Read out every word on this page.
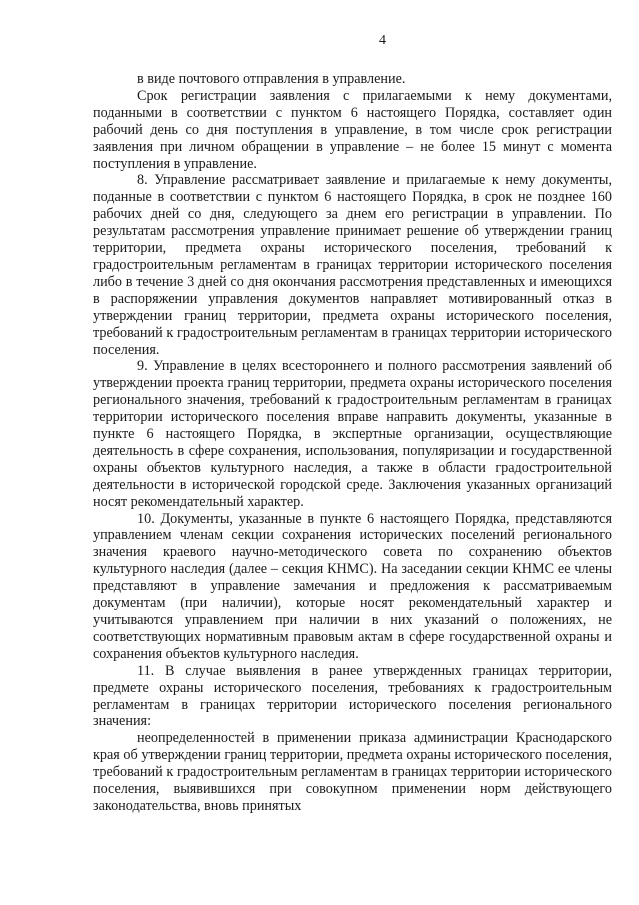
4

в виде почтового отправления в управление.

Срок регистрации заявления с прилагаемыми к нему документами, поданными в соответствии с пунктом 6 настоящего Порядка, составляет один рабочий день со дня поступления в управление, в том числе срок регистрации заявления при личном обращении в управление – не более 15 минут с момента поступления в управление.

8. Управление рассматривает заявление и прилагаемые к нему документы, поданные в соответствии с пунктом 6 настоящего Порядка, в срок не позднее 160 рабочих дней со дня, следующего за днем его регистрации в управлении. По результатам рассмотрения управление принимает решение об утверждении границ территории, предмета охраны исторического поселения, требований к градостроительным регламентам в границах территории исторического поселения либо в течение 3 дней со дня окончания рассмотрения представленных и имеющихся в распоряжении управления документов направляет мотивированный отказ в утверждении границ территории, предмета охраны исторического поселения, требований к градостроительным регламентам в границах территории исторического поселения.

9. Управление в целях всестороннего и полного рассмотрения заявлений об утверждении проекта границ территории, предмета охраны исторического поселения регионального значения, требований к градостроительным регламентам в границах территории исторического поселения вправе направить документы, указанные в пункте 6 настоящего Порядка, в экспертные организации, осуществляющие деятельность в сфере сохранения, использования, популяризации и государственной охраны объектов культурного наследия, а также в области градостроительной деятельности в исторической городской среде. Заключения указанных организаций носят рекомендательный характер.

10. Документы, указанные в пункте 6 настоящего Порядка, представляются управлением членам секции сохранения исторических поселений регионального значения краевого научно-методического совета по сохранению объектов культурного наследия (далее – секция КНМС). На заседании секции КНМС ее члены представляют в управление замечания и предложения к рассматриваемым документам (при наличии), которые носят рекомендательный характер и учитываются управлением при наличии в них указаний о положениях, не соответствующих нормативным правовым актам в сфере государственной охраны и сохранения объектов культурного наследия.

11. В случае выявления в ранее утвержденных границах территории, предмете охраны исторического поселения, требованиях к градостроительным регламентам в границах территории исторического поселения регионального значения:

неопределенностей в применении приказа администрации Краснодарского края об утверждении границ территории, предмета охраны исторического поселения, требований к градостроительным регламентам в границах территории исторического поселения, выявившихся при совокупном применении норм действующего законодательства, вновь принятых
